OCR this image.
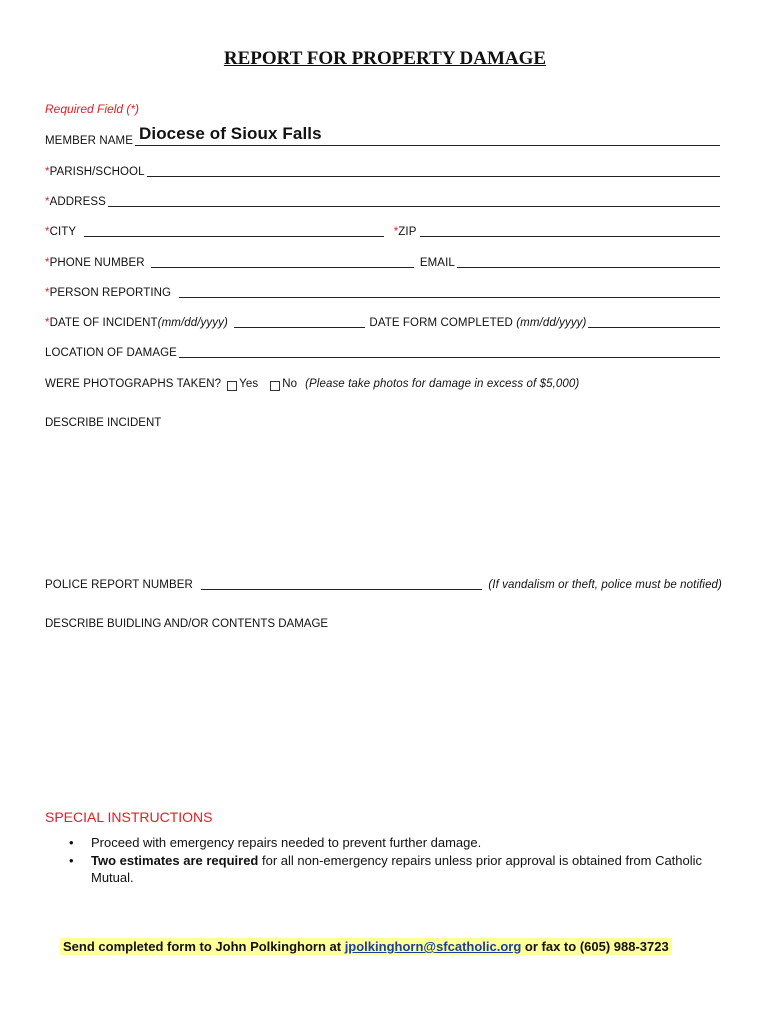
REPORT FOR PROPERTY DAMAGE
Required Field (*)
MEMBER NAME Diocese of Sioux Falls
*PARISH/SCHOOL
*ADDRESS
*CITY	*ZIP
*PHONE NUMBER	EMAIL
*PERSON REPORTING
*DATE OF INCIDENT(mm/dd/yyyy)	DATE FORM COMPLETED (mm/dd/yyyy)
LOCATION OF DAMAGE
WERE PHOTOGRAPHS TAKEN? Yes No (Please take photos for damage in excess of $5,000)
DESCRIBE INCIDENT
POLICE REPORT NUMBER	(If vandalism or theft, police must be notified)
DESCRIBE BUIDLING AND/OR CONTENTS DAMAGE
SPECIAL INSTRUCTIONS
• Proceed with emergency repairs needed to prevent further damage.
• Two estimates are required for all non-emergency repairs unless prior approval is obtained from Catholic Mutual.
Send completed form to John Polkinghorn at jpolkinghorn@sfcatholic.org or fax to (605) 988-3723
